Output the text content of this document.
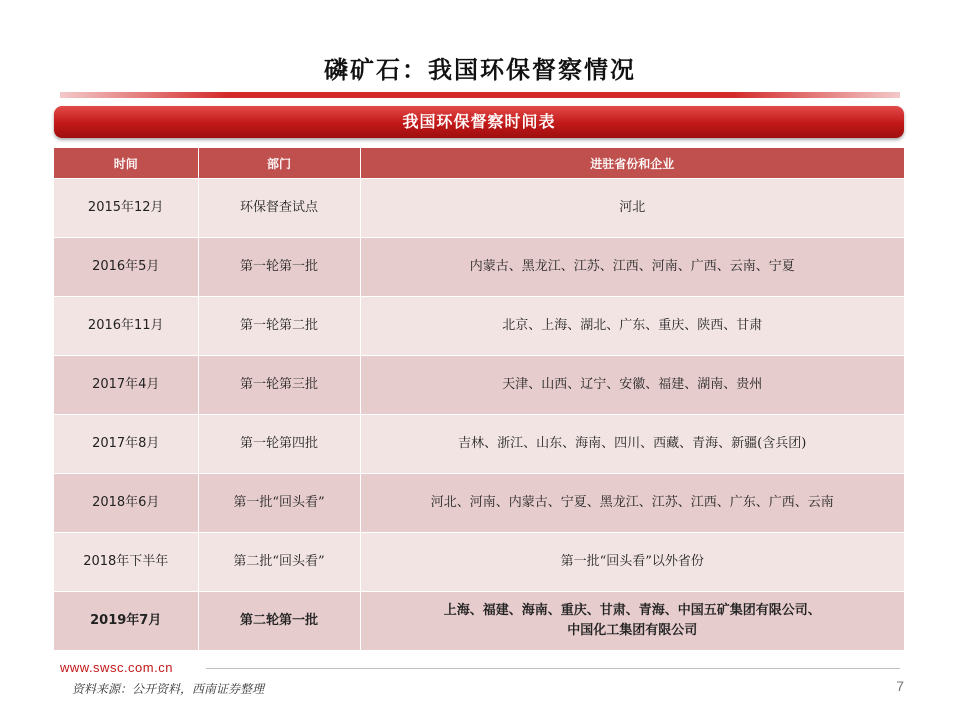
磷矿石：我国环保督察情况
我国环保督察时间表
时间	部门	进驻省份和企业
2015年12月	环保督查试点	河北
2016年5月	第一轮第一批	内蒙古、黑龙江、江苏、江西、河南、广西、云南、宁夏
2016年11月	第一轮第二批	北京、上海、湖北、广东、重庆、陕西、甘肃
2017年4月	第一轮第三批	天津、山西、辽宁、安徽、福建、湖南、贵州
2017年8月	第一轮第四批	吉林、浙江、山东、海南、四川、西藏、青海、新疆(含兵团)
2018年6月	第一批“回头看”	河北、河南、内蒙古、宁夏、黑龙江、江苏、江西、广东、广西、云南
2018年下半年	第二批“回头看”	第一批“回头看”以外省份
2019年7月	第二轮第一批	上海、福建、海南、重庆、甘肃、青海、中国五矿集团有限公司、
中国化工集团有限公司
www.swsc.com.cn
资料来源：公开资料，西南证券整理	7
